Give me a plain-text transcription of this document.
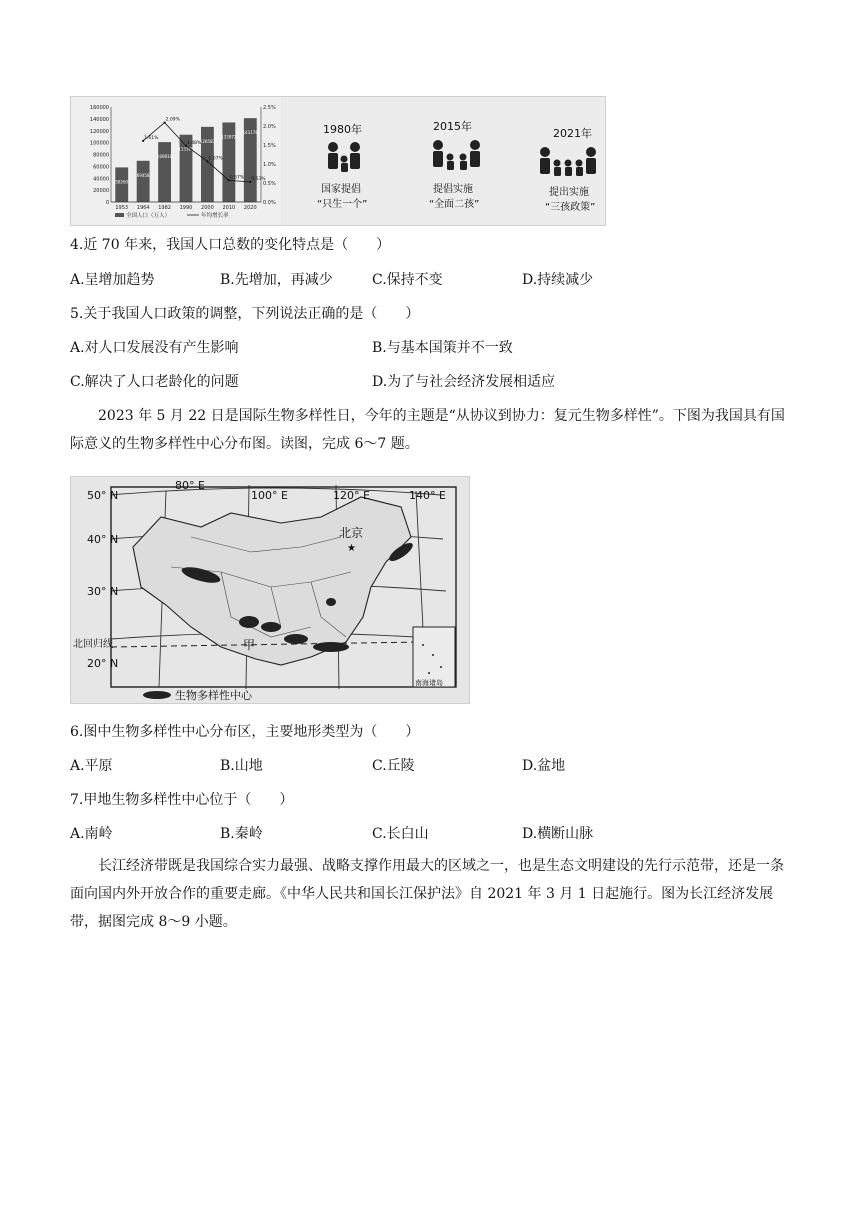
160000
140000
120000
100000
80000
60000
40000
20000
0
2.5%
2.0%
1.5%
1.0%
0.5%
0.0%
58260
69458
100818
113368
126583
133972
141178
1.61%
2.09%
1.48%
1.07%
0.57% 0.53%
1953 1964 1982 1990 2000 2010 2020
全国人口（万人）	年均增长率
1980年
国家提倡
“只生一个”
2015年
提倡实施
“全面二孩”
2021年
提出实施
“三孩政策”
4.近 70 年来，我国人口总数的变化特点是（　　）
A.呈增加趋势	B.先增加，再减少	C.保持不变	D.持续减少
5.关于我国人口政策的调整，下列说法正确的是（　　）
A.对人口发展没有产生影响	B.与基本国策并不一致
C.解决了人口老龄化的问题	D.为了与社会经济发展相适应
2023 年 5 月 22 日是国际生物多样性日，今年的主题是“从协议到协力：复元生物多样性”。下图为我国具有国际意义的生物多样性中心分布图。读图，完成 6～7 题。
北京
★
甲
50° N
40° N
30° N
20° N
80° E
100° E	120° E	140° E
北回归线
南海诸岛
生物多样性中心
6.图中生物多样性中心分布区，主要地形类型为（　　）
A.平原	B.山地	C.丘陵	D.盆地
7.甲地生物多样性中心位于（　　）
A.南岭	B.秦岭	C.长白山	D.横断山脉
长江经济带既是我国综合实力最强、战略支撑作用最大的区域之一，也是生态文明建设的先行示范带，还是一条面向国内外开放合作的重要走廊。《中华人民共和国长江保护法》自 2021 年 3 月 1 日起施行。图为长江经济发展带，据图完成 8～9 小题。
